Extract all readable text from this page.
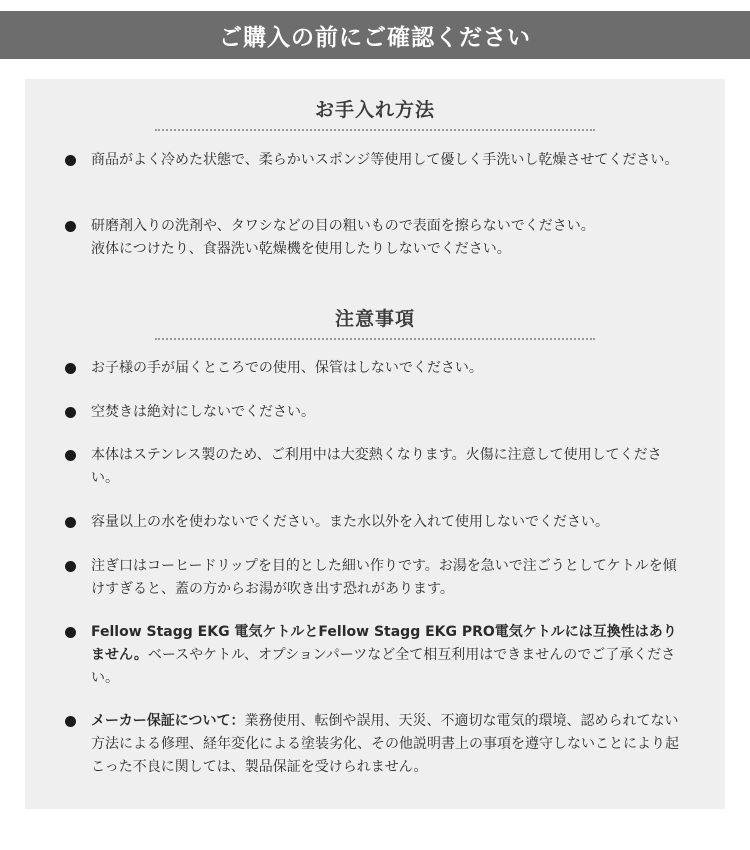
ご購入の前にご確認ください
お手入れ方法
商品がよく冷めた状態で、柔らかいスポンジ等使用して優しく手洗いし乾燥させてください。
研磨剤入りの洗剤や、タワシなどの目の粗いもので表面を擦らないでください。
液体につけたり、食器洗い乾燥機を使用したりしないでください。
注意事項
お子様の手が届くところでの使用、保管はしないでください。
空焚きは絶対にしないでください。
本体はステンレス製のため、ご利用中は大変熱くなります。火傷に注意して使用してください。
容量以上の水を使わないでください。また水以外を入れて使用しないでください。
注ぎ口はコーヒードリップを目的とした細い作りです。お湯を急いで注ごうとしてケトルを傾けすぎると、蓋の方からお湯が吹き出す恐れがあります。
Fellow Stagg EKG 電気ケトルとFellow Stagg EKG PRO電気ケトルには互換性はありません。ベースやケトル、オプションパーツなど全て相互利用はできませんのでご了承ください。
メーカー保証について：業務使用、転倒や誤用、天災、不適切な電気的環境、認められてない方法による修理、経年変化による塗装劣化、その他説明書上の事項を遵守しないことにより起こった不良に関しては、製品保証を受けられません。
